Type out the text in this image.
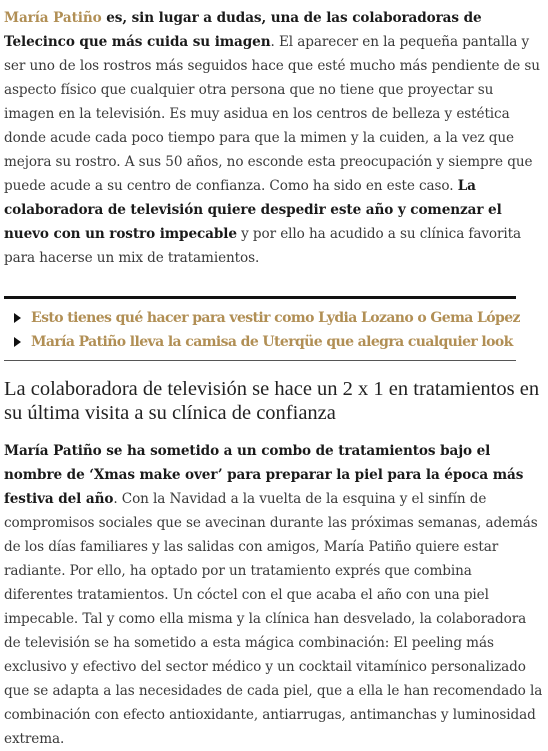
María Patiño es, sin lugar a dudas, una de las colaboradoras de Telecinco que más cuida su imagen. El aparecer en la pequeña pantalla y ser uno de los rostros más seguidos hace que esté mucho más pendiente de su aspecto físico que cualquier otra persona que no tiene que proyectar su imagen en la televisión. Es muy asidua en los centros de belleza y estética donde acude cada poco tiempo para que la mimen y la cuiden, a la vez que mejora su rostro. A sus 50 años, no esconde esta preocupación y siempre que puede acude a su centro de confianza. Como ha sido en este caso. La colaboradora de televisión quiere despedir este año y comenzar el nuevo con un rostro impecable y por ello ha acudido a su clínica favorita para hacerse un mix de tratamientos.

Esto tienes qué hacer para vestir como Lydia Lozano o Gema López
María Patiño lleva la camisa de Uterqüe que alegra cualquier look
La colaboradora de televisión se hace un 2 x 1 en tratamientos en su última visita a su clínica de confianza

María Patiño se ha sometido a un combo de tratamientos bajo el nombre de ‘Xmas make over’ para preparar la piel para la época más festiva del año. Con la Navidad a la vuelta de la esquina y el sinfín de compromisos sociales que se avecinan durante las próximas semanas, además de los días familiares y las salidas con amigos, María Patiño quiere estar radiante. Por ello, ha optado por un tratamiento exprés que combina diferentes tratamientos. Un cóctel con el que acaba el año con una piel impecable. Tal y como ella misma y la clínica han desvelado, la colaboradora de televisión se ha sometido a esta mágica combinación: El peeling más exclusivo y efectivo del sector médico y un cocktail vitamínico personalizado que se adapta a las necesidades de cada piel, que a ella le han recomendado la combinación con efecto antioxidante, antiarrugas, antimanchas y luminosidad extrema.
